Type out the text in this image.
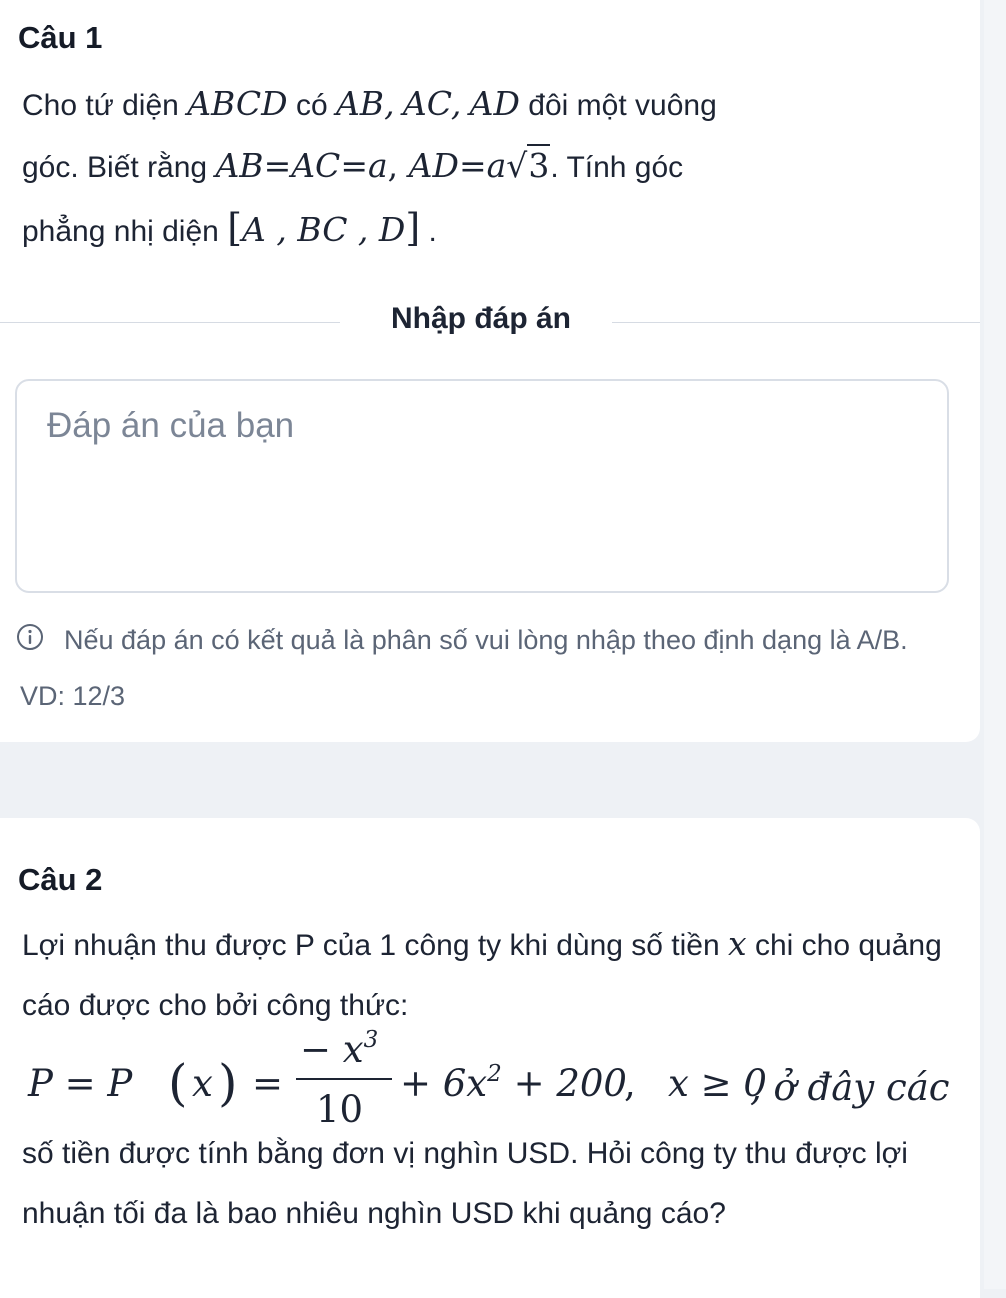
Câu 1
Cho tứ diện ABCD có AB, AC, AD đôi một vuông
góc. Biết rằng AB=AC=a, AD=a√3. Tính góc
phẳng nhị diện [A , BC , D] .
Nhập đáp án
Đáp án của bạn
Nếu đáp án có kết quả là phân số vui lòng nhập theo định dạng là A/B. VD: 12/3
Câu 2
Lợi nhuận thu được P của 1 công ty khi dùng số tiền x chi cho quảng cáo được cho bởi công thức:
P = P ( x ) =
− $x^3$
10
+ $6x^2 + 200$
, x ≥ 0
, ở đây các
số tiền được tính bằng đơn vị nghìn USD. Hỏi công ty thu được lợi nhuận tối đa là bao nhiêu nghìn USD khi quảng cáo?
